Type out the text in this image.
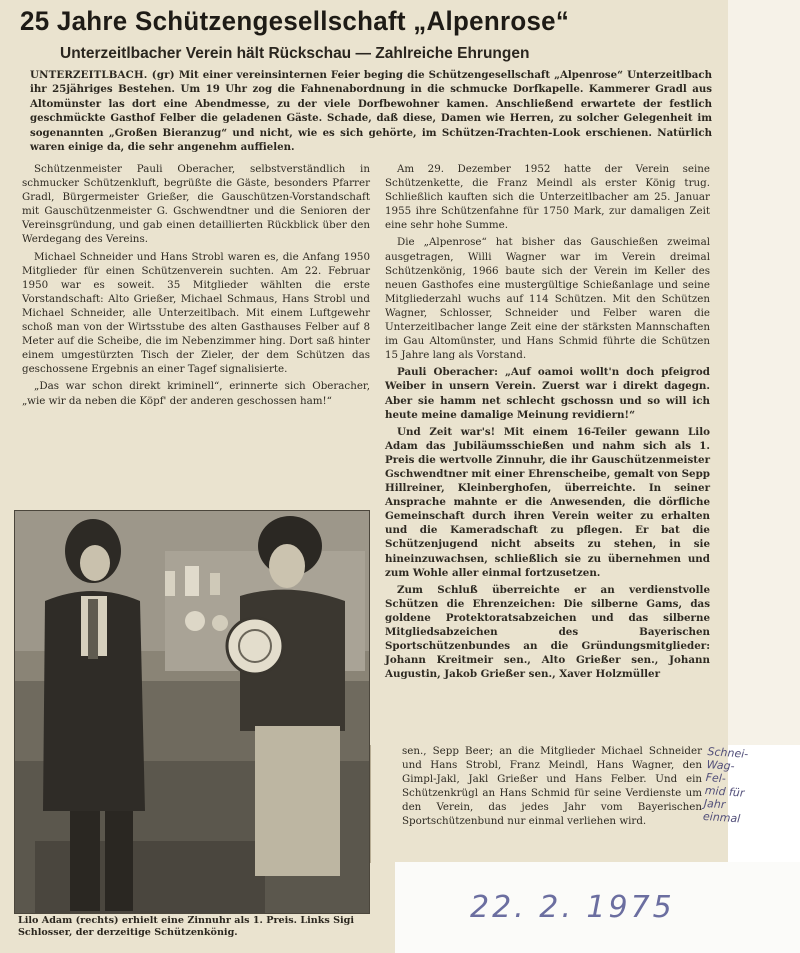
25 Jahre Schützengesellschaft „Alpenrose“
Unterzeitlbacher Verein hält Rückschau — Zahlreiche Ehrungen
UNTERZEITLBACH. (gr) Mit einer vereinsinternen Feier beging die Schützengesellschaft „Alpenrose“ Unterzeitlbach ihr 25jähriges Bestehen. Um 19 Uhr zog die Fahnenabordnung in die schmucke Dorfkapelle. Kammerer Gradl aus Altomünster las dort eine Abendmesse, zu der viele Dorfbewohner kamen. Anschließend erwartete der festlich geschmückte Gasthof Felber die geladenen Gäste. Schade, daß diese, Damen wie Herren, zu solcher Gelegenheit im sogenannten „Großen Bieranzug“ und nicht, wie es sich gehörte, im Schützen-Trachten-Look erschienen. Natürlich waren einige da, die sehr angenehm auffielen.

Schützenmeister Pauli Oberacher, selbstverständlich in schmucker Schützenkluft, begrüßte die Gäste, besonders Pfarrer Gradl, Bürgermeister Grießer, die Gauschützen-Vorstandschaft mit Gauschützenmeister G. Gschwendtner und die Senioren der Vereinsgründung, und gab einen detaillierten Rückblick über den Werdegang des Vereins.

Michael Schneider und Hans Strobl waren es, die Anfang 1950 Mitglieder für einen Schützenverein suchten. Am 22. Februar 1950 war es soweit. 35 Mitglieder wählten die erste Vorstandschaft: Alto Grießer, Michael Schmaus, Hans Strobl und Michael Schneider, alle Unterzeitlbach. Mit einem Luftgewehr schoß man von der Wirtsstube des alten Gasthauses Felber auf 8 Meter auf die Scheibe, die im Nebenzimmer hing. Dort saß hinter einem umgestürzten Tisch der Zieler, der dem Schützen das geschossene Ergebnis an einer Tagef signalisierte.

„Das war schon direkt kriminell“, erinnerte sich Oberacher, „wie wir da neben die Köpf' der anderen geschossen ham!“

Am 29. Dezember 1952 hatte der Verein seine Schützenkette, die Franz Meindl als erster König trug. Schließlich kauften sich die Unterzeitlbacher am 25. Januar 1955 ihre Schützenfahne für 1750 Mark, zur damaligen Zeit eine sehr hohe Summe.

Die „Alpenrose“ hat bisher das Gauschießen zweimal ausgetragen, Willi Wagner war im Verein dreimal Schützenkönig, 1966 baute sich der Verein im Keller des neuen Gasthofes eine mustergültige Schießanlage und seine Mitgliederzahl wuchs auf 114 Schützen. Mit den Schützen Wagner, Schlosser, Schneider und Felber waren die Unterzeitlbacher lange Zeit eine der stärksten Mannschaften im Gau Altomünster, und Hans Schmid führte die Schützen 15 Jahre lang als Vorstand.

Pauli Oberacher: „Auf oamoi wollt'n doch pfeigrod Weiber in unsern Verein. Zuerst war i direkt dagegn. Aber sie hamm net schlecht gschossn und so will ich heute meine damalige Meinung revidiern!“

Und Zeit war's! Mit einem 16-Teiler gewann Lilo Adam das Jubiläumsschießen und nahm sich als 1. Preis die wertvolle Zinnuhr, die ihr Gauschützenmeister Gschwendtner mit einer Ehrenscheibe, gemalt von Sepp Hillreiner, Kleinberghofen, überreichte. In seiner Ansprache mahnte er die Anwesenden, die dörfliche Gemeinschaft durch ihren Verein weiter zu erhalten und die Kameradschaft zu pflegen. Er bat die Schützenjugend nicht abseits zu stehen, in sie hineinzuwachsen, schließlich sie zu übernehmen und zum Wohle aller einmal fortzusetzen.

Zum Schluß überreichte er an verdienstvolle Schützen die Ehrenzeichen: Die silberne Gams, das goldene Protektoratsabzeichen und das silberne Mitgliedsabzeichen des Bayerischen Sportschützenbundes an die Gründungsmitglieder: Johann Kreitmeir sen., Alto Grießer sen., Johann Augustin, Jakob Grießer sen., Xaver Holzmüller

sen., Sepp Beer; an die Mitglieder Michael Schneider und Hans Strobl, Franz Meindl, Hans Wagner, den Gimpl-Jakl, Jakl Grießer und Hans Felber. Und ein Schützenkrügl an Hans Schmid für seine Verdienste um den Verein, das jedes Jahr vom Bayerischen Sportschützenbund nur einmal verliehen wird.

Lilo Adam (rechts) erhielt eine Zinnuhr als 1. Preis. Links Sigi Schlosser, der derzeitige Schützenkönig.
Schnei-
Wag-
Fel-
mid für
Jahr
einmal
22. 2. 1975
